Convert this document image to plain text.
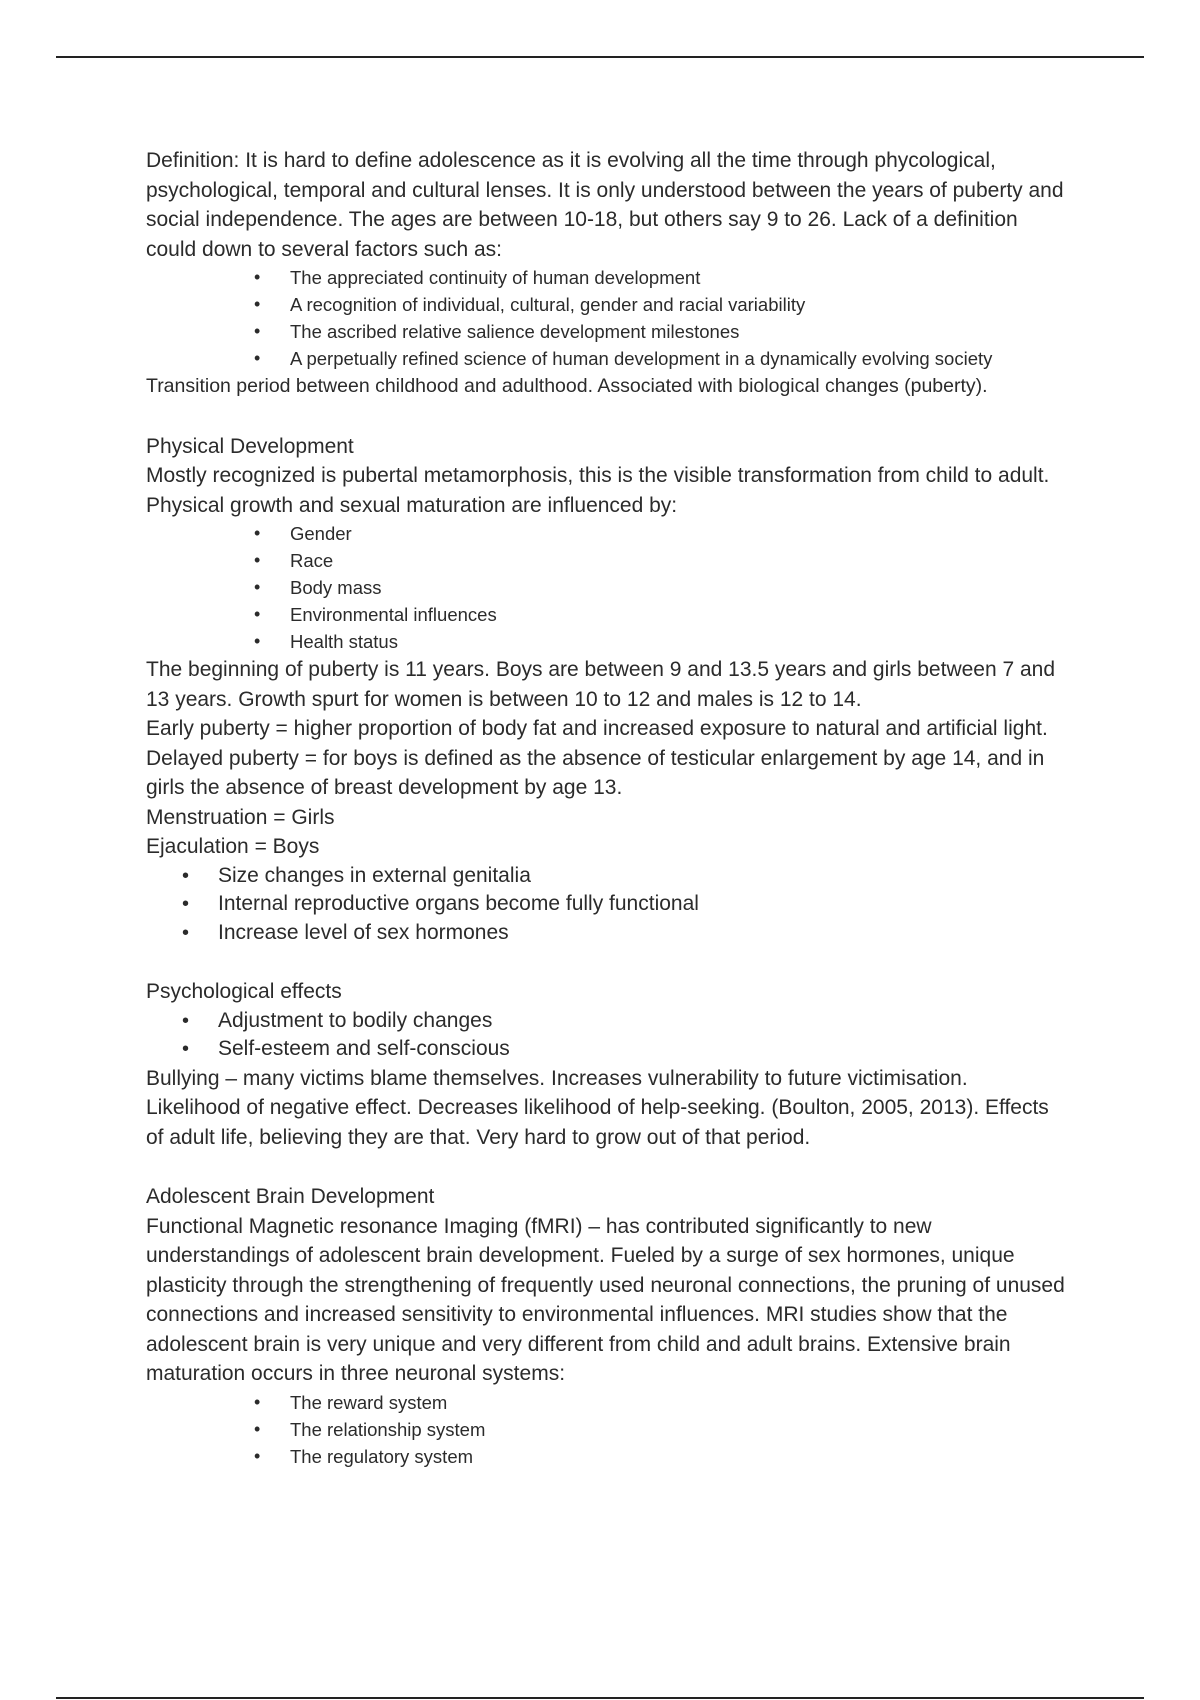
Definition: It is hard to define adolescence as it is evolving all the time through phycological, psychological, temporal and cultural lenses. It is only understood between the years of puberty and social independence. The ages are between 10-18, but others say 9 to 26. Lack of a definition could down to several factors such as:

• The appreciated continuity of human development
• A recognition of individual, cultural, gender and racial variability
• The ascribed relative salience development milestones
• A perpetually refined science of human development in a dynamically evolving society

Transition period between childhood and adulthood. Associated with biological changes (puberty).

Physical Development

Mostly recognized is pubertal metamorphosis, this is the visible transformation from child to adult. Physical growth and sexual maturation are influenced by:

• Gender
• Race
• Body mass
• Environmental influences
• Health status

The beginning of puberty is 11 years. Boys are between 9 and 13.5 years and girls between 7 and 13 years. Growth spurt for women is between 10 to 12 and males is 12 to 14.

Early puberty = higher proportion of body fat and increased exposure to natural and artificial light.

Delayed puberty = for boys is defined as the absence of testicular enlargement by age 14, and in girls the absence of breast development by age 13.

Menstruation = Girls

Ejaculation = Boys

• Size changes in external genitalia
• Internal reproductive organs become fully functional
• Increase level of sex hormones

Psychological effects

• Adjustment to bodily changes
• Self-esteem and self-conscious

Bullying – many victims blame themselves. Increases vulnerability to future victimisation. Likelihood of negative effect. Decreases likelihood of help-seeking. (Boulton, 2005, 2013). Effects of adult life, believing they are that. Very hard to grow out of that period.

Adolescent Brain Development

Functional Magnetic resonance Imaging (fMRI) – has contributed significantly to new understandings of adolescent brain development. Fueled by a surge of sex hormones, unique plasticity through the strengthening of frequently used neuronal connections, the pruning of unused connections and increased sensitivity to environmental influences. MRI studies show that the adolescent brain is very unique and very different from child and adult brains. Extensive brain maturation occurs in three neuronal systems:

• The reward system
• The relationship system
• The regulatory system
